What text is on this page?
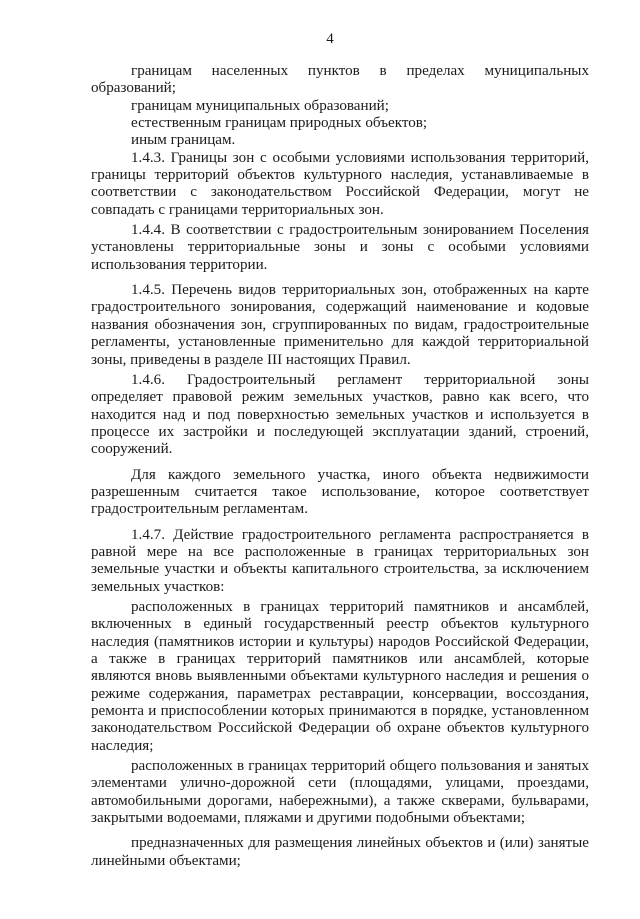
4

границам населенных пунктов в пределах муниципальных образований;

границам муниципальных образований;

естественным границам природных объектов;

иным границам.

1.4.3. Границы зон с особыми условиями использования территорий, границы территорий объектов культурного наследия, устанавливаемые в соответствии с законодательством Российской Федерации, могут не совпадать с границами территориальных зон.

1.4.4. В соответствии с градостроительным зонированием Поселения установлены территориальные зоны и зоны с особыми условиями использования территории.

1.4.5. Перечень видов территориальных зон, отображенных на карте градостроительного зонирования, содержащий наименование и кодовые названия обозначения зон, сгруппированных по видам, градостроительные регламенты, установленные применительно для каждой территориальной зоны, приведены в разделе III настоящих Правил.

1.4.6. Градостроительный регламент территориальной зоны определяет правовой режим земельных участков, равно как всего, что находится над и под поверхностью земельных участков и используется в процессе их застройки и последующей эксплуатации зданий, строений, сооружений.

Для каждого земельного участка, иного объекта недвижимости разрешенным считается такое использование, которое соответствует градостроительным регламентам.

1.4.7. Действие градостроительного регламента распространяется в равной мере на все расположенные в границах территориальных зон земельные участки и объекты капитального строительства, за исключением земельных участков:

расположенных в границах территорий памятников и ансамблей, включенных в единый государственный реестр объектов культурного наследия (памятников истории и культуры) народов Российской Федерации, а также в границах территорий памятников или ансамблей, которые являются вновь выявленными объектами культурного наследия и решения о режиме содержания, параметрах реставрации, консервации, воссоздания, ремонта и приспособлении которых принимаются в порядке, установленном законодательством Российской Федерации об охране объектов культурного наследия;

расположенных в границах территорий общего пользования и занятых элементами улично-дорожной сети (площадями, улицами, проездами, автомобильными дорогами, набережными), а также скверами, бульварами, закрытыми водоемами, пляжами и другими подобными объектами;

предназначенных для размещения линейных объектов и (или) занятые линейными объектами;
